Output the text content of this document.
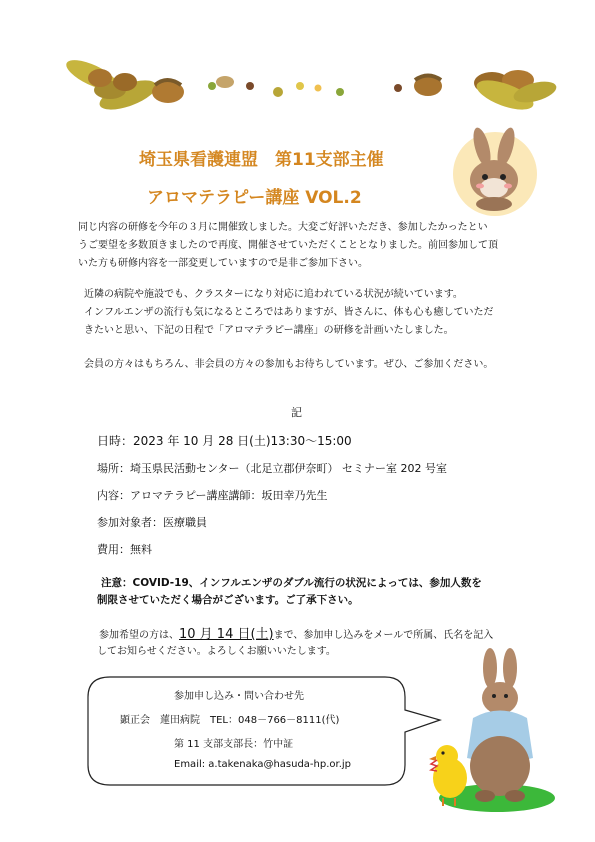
埼玉県看護連盟　第11支部主催
アロマテラピー講座 VOL.2
同じ内容の研修を今年の３月に開催致しました。大変ご好評いただき、参加したかったとい
うご要望を多数頂きましたので再度、開催させていただくこととなりました。前回参加して頂
いた方も研修内容を一部変更していますので是非ご参加下さい。
近隣の病院や施設でも、クラスターになり対応に追われている状況が続いています。
インフルエンザの流行も気になるところではありますが、皆さんに、体も心も癒していただ
きたいと思い、下記の日程で「アロマテラピー講座」の研修を計画いたしました。
会員の方々はもちろん、非会員の方々の参加もお待ちしています。ぜひ、ご参加ください。
記
日時：2023 年 10 月 28 日(土)13:30～15:00
場所：埼玉県民活動センター（北足立郡伊奈町） セミナー室 202 号室
内容：アロマテラピー講座講師：坂田幸乃先生
参加対象者：医療職員
費用：無料
注意：COVID-19、インフルエンザのダブル流行の状況によっては、参加人数を
制限させていただく場合がございます。ご了承下さい。
参加希望の方は、10 月 14 日(土)まで、参加申し込みをメールで所属、氏名を記入
してお知らせください。よろしくお願いいたします。
参加申し込み・問い合わせ先
顕正会　蓮田病院　TEL：048－766－8111(代)
第 11 支部支部長：竹中証
Email: a.takenaka@hasuda-hp.or.jp
